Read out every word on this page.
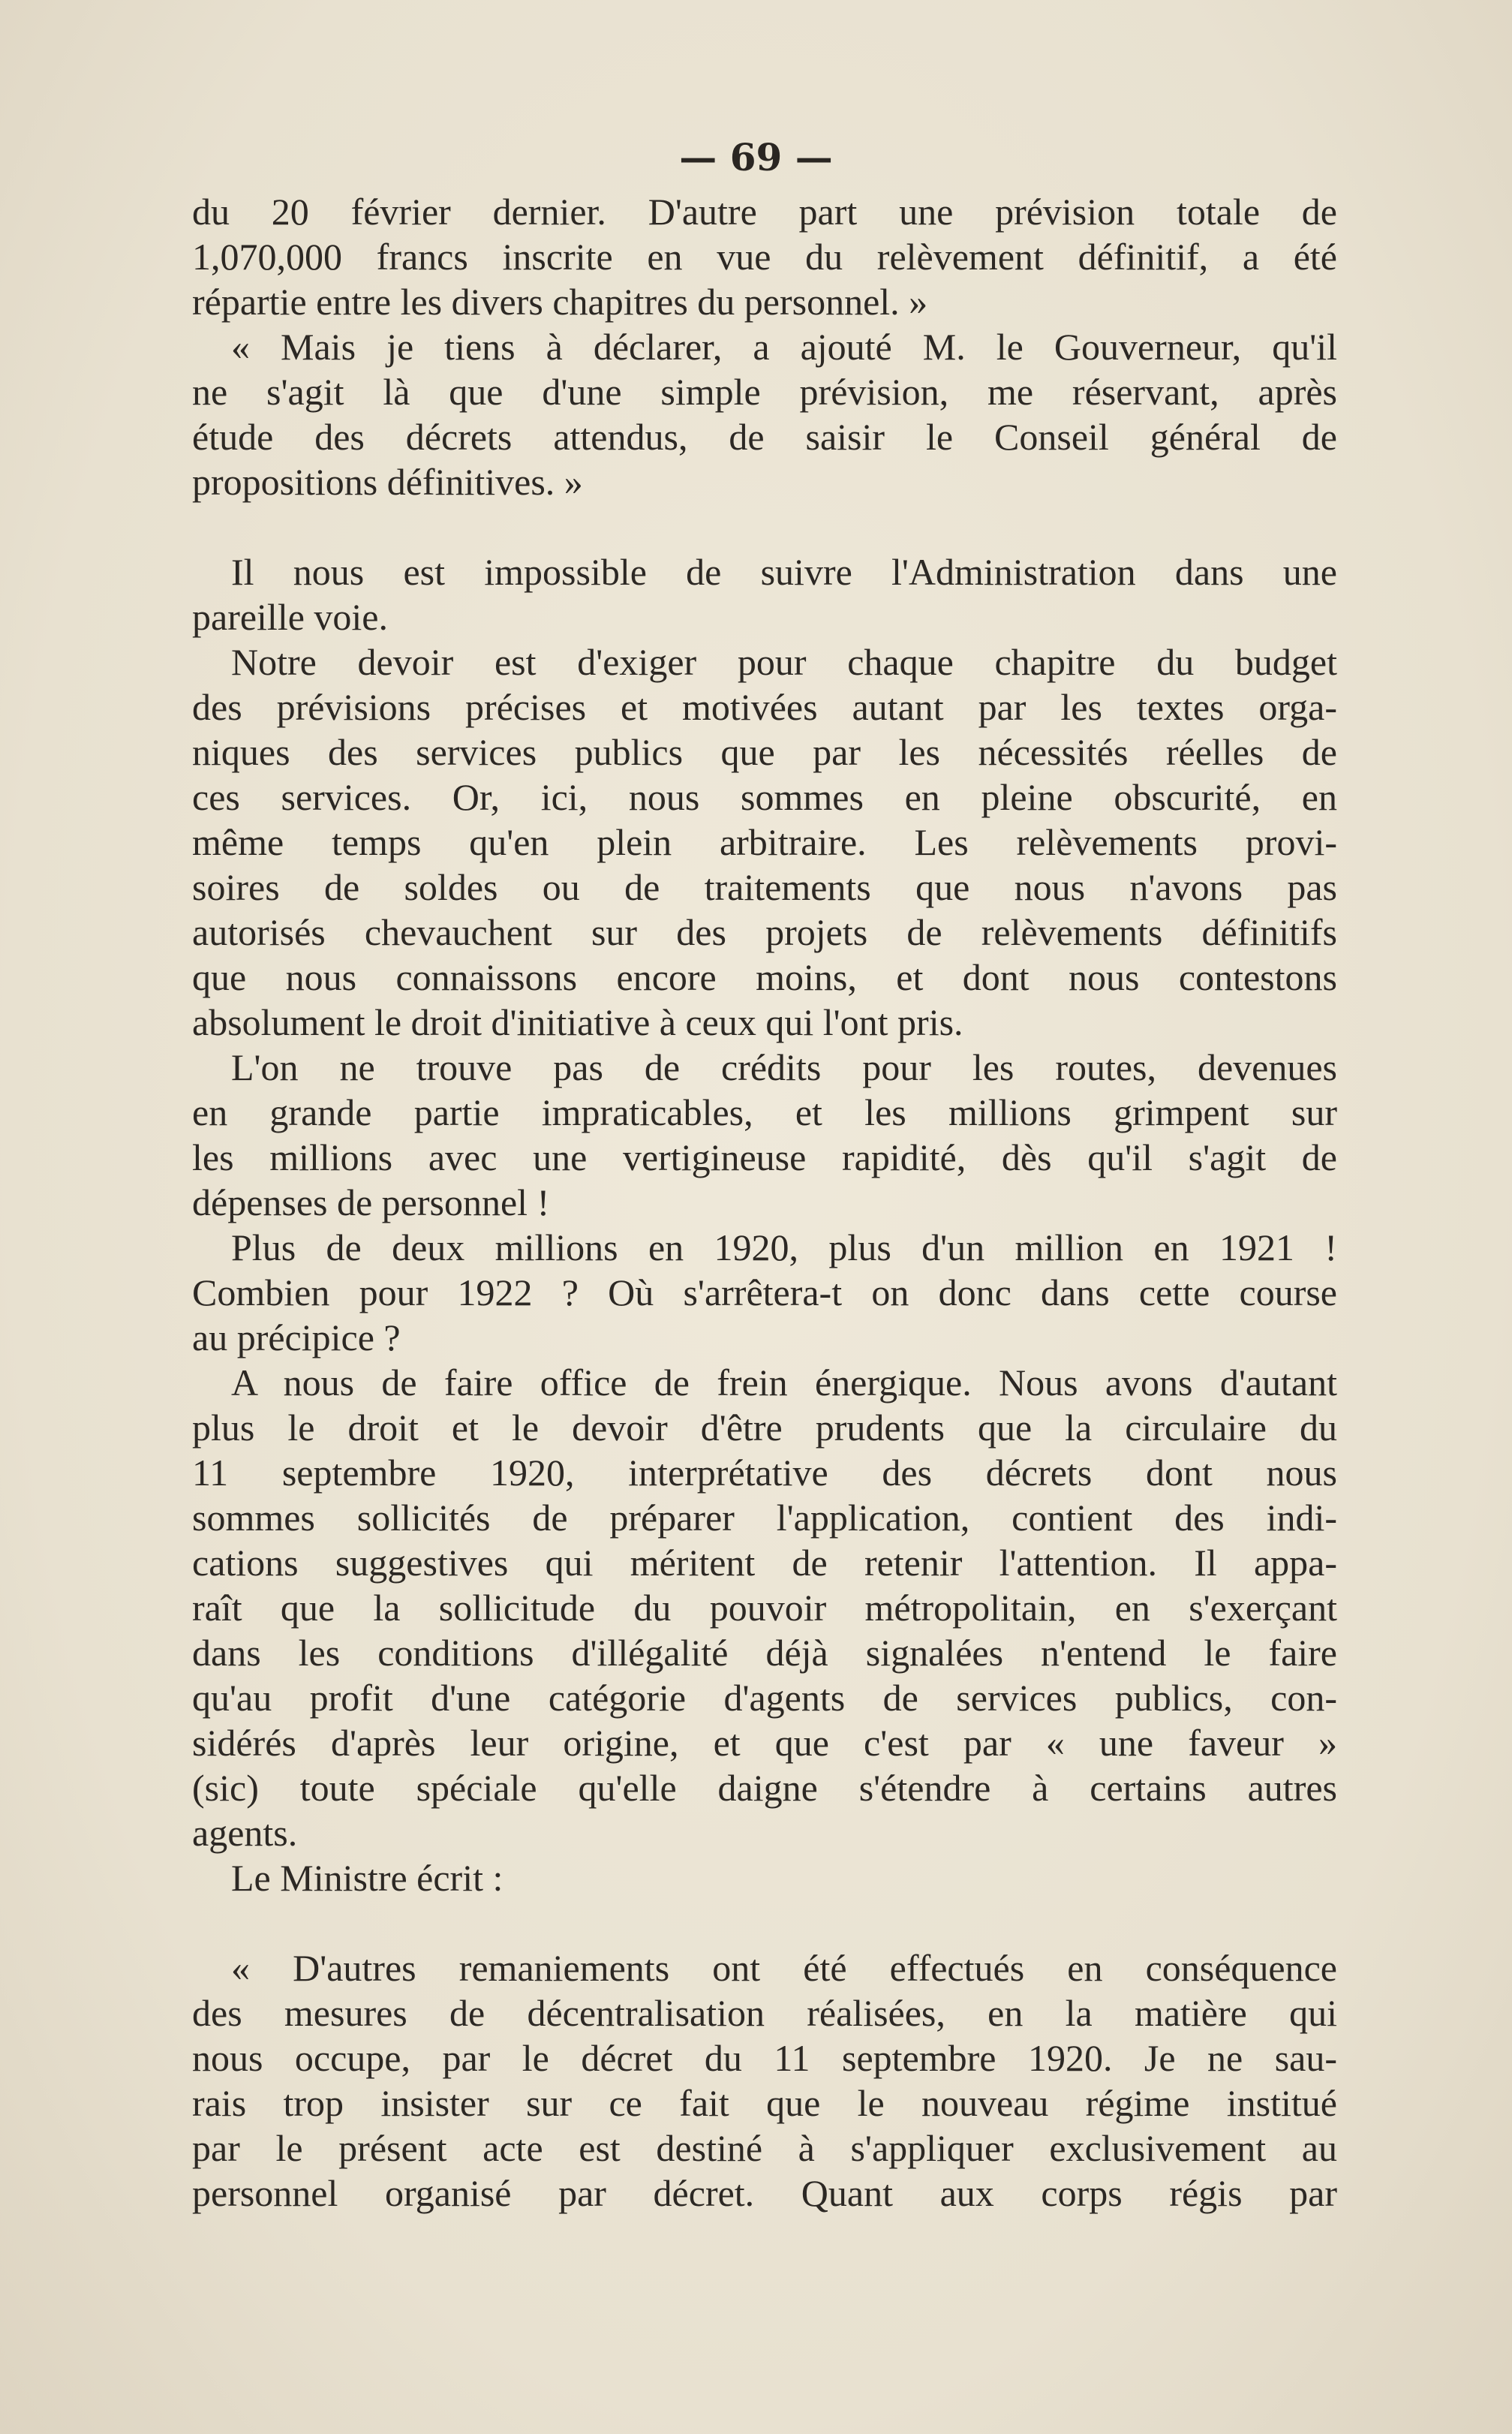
— 69 —
du 20 février dernier. D'autre part une prévision totale de
1,070,000 francs inscrite en vue du relèvement définitif, a été
répartie entre les divers chapitres du personnel. »
« Mais je tiens à déclarer, a ajouté M. le Gouverneur, qu'il
ne s'agit là que d'une simple prévision, me réservant, après
étude des décrets attendus, de saisir le Conseil général de
propositions définitives. »
Il nous est impossible de suivre l'Administration dans une
pareille voie.
Notre devoir est d'exiger pour chaque chapitre du budget
des prévisions précises et motivées autant par les textes orga-
niques des services publics que par les nécessités réelles de
ces services. Or, ici, nous sommes en pleine obscurité, en
même temps qu'en plein arbitraire. Les relèvements provi-
soires de soldes ou de traitements que nous n'avons pas
autorisés chevauchent sur des projets de relèvements définitifs
que nous connaissons encore moins, et dont nous contestons
absolument le droit d'initiative à ceux qui l'ont pris.
L'on ne trouve pas de crédits pour les routes, devenues
en grande partie impraticables, et les millions grimpent sur
les millions avec une vertigineuse rapidité, dès qu'il s'agit de
dépenses de personnel !
Plus de deux millions en 1920, plus d'un million en 1921 !
Combien pour 1922 ? Où s'arrêtera-t on donc dans cette course
au précipice ?
A nous de faire office de frein énergique. Nous avons d'autant
plus le droit et le devoir d'être prudents que la circulaire du
11 septembre 1920, interprétative des décrets dont nous
sommes sollicités de préparer l'application, contient des indi-
cations suggestives qui méritent de retenir l'attention. Il appa-
raît que la sollicitude du pouvoir métropolitain, en s'exerçant
dans les conditions d'illégalité déjà signalées n'entend le faire
qu'au profit d'une catégorie d'agents de services publics, con-
sidérés d'après leur origine, et que c'est par « une faveur »
(sic) toute spéciale qu'elle daigne s'étendre à certains autres
agents.
Le Ministre écrit :
« D'autres remaniements ont été effectués en conséquence
des mesures de décentralisation réalisées, en la matière qui
nous occupe, par le décret du 11 septembre 1920. Je ne sau-
rais trop insister sur ce fait que le nouveau régime institué
par le présent acte est destiné à s'appliquer exclusivement au
personnel organisé par décret. Quant aux corps régis par
